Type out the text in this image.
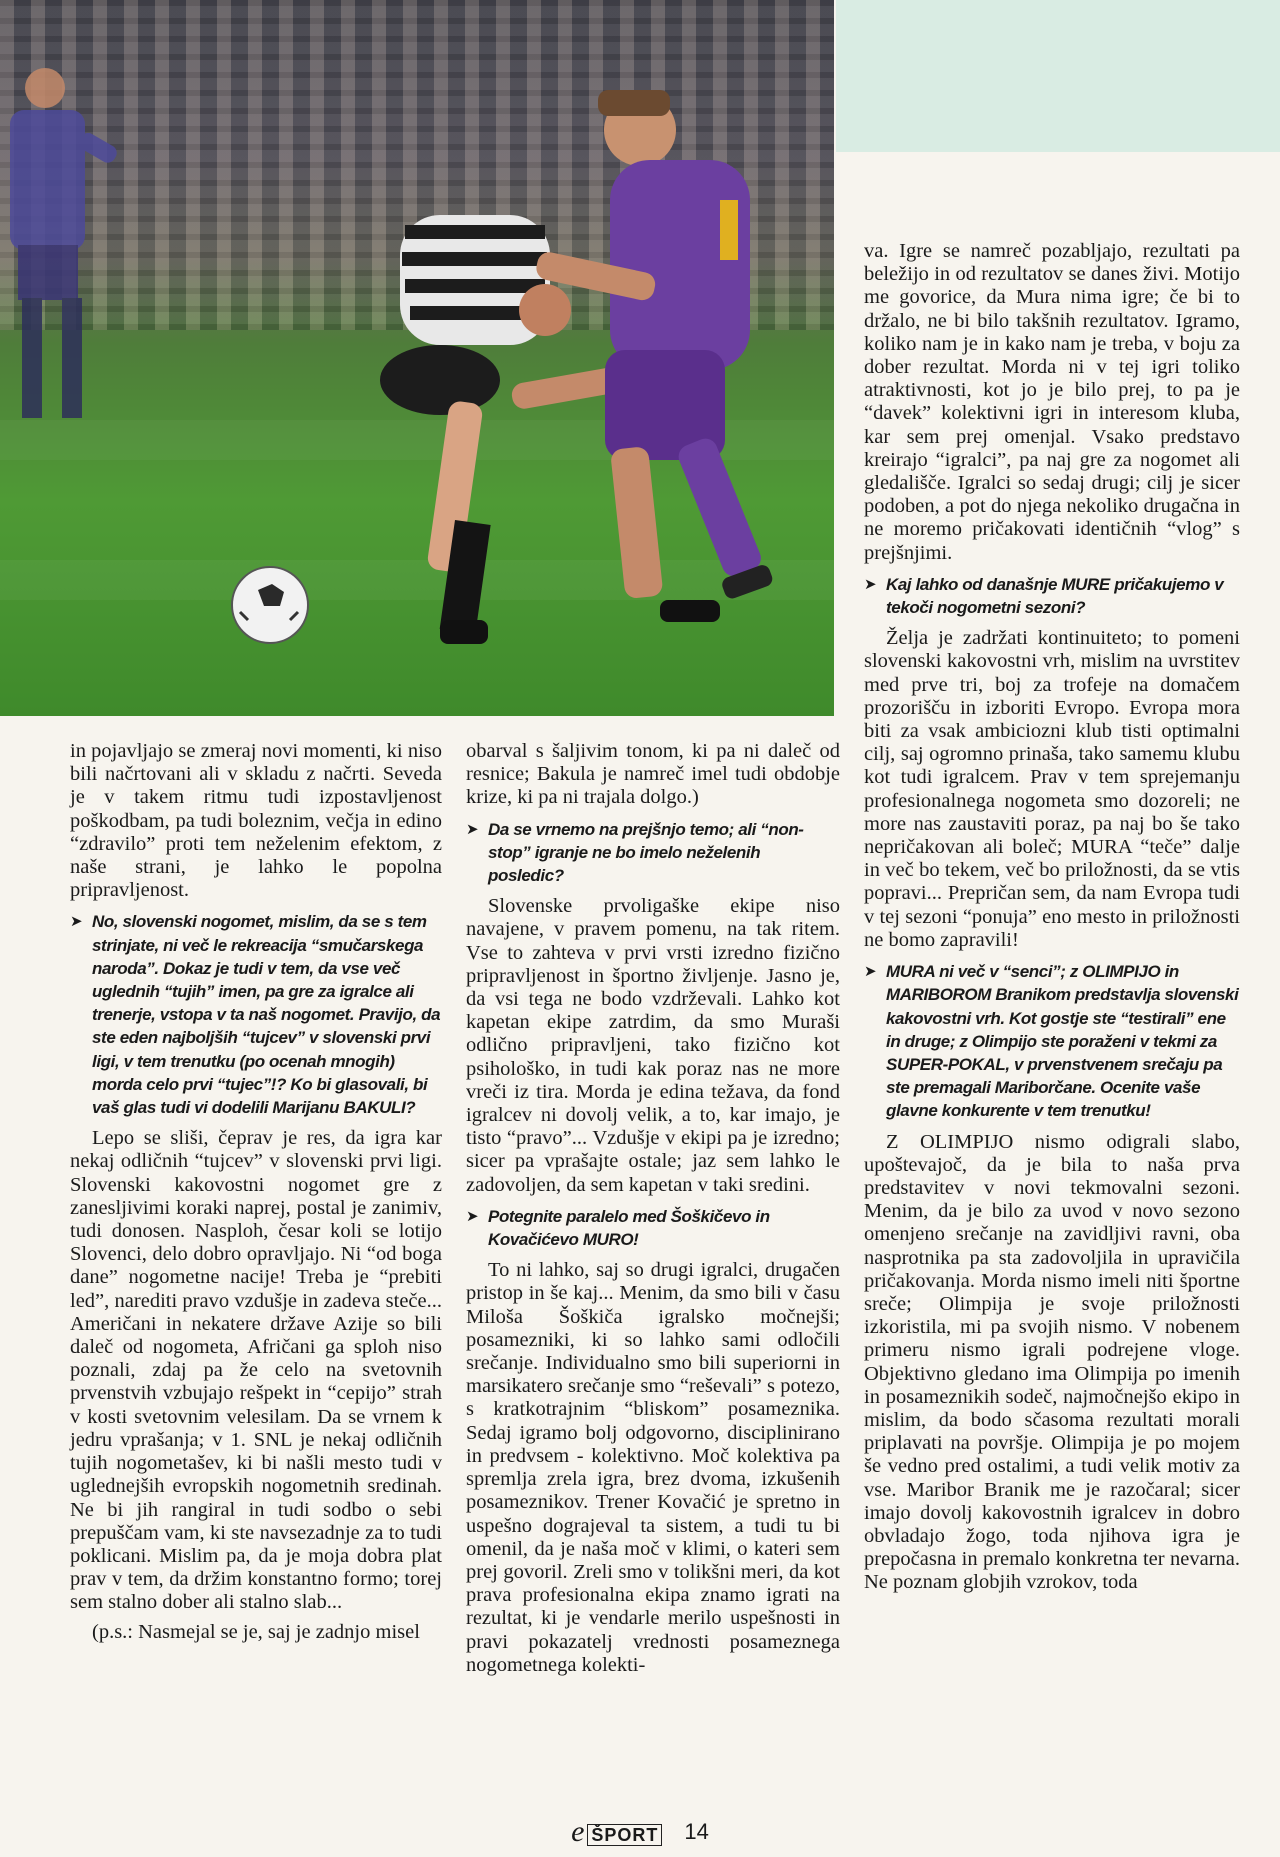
in pojavljajo se zmeraj novi momenti, ki niso bili načrtovani ali v skladu z načrti. Seveda je v takem ritmu tudi izpostavljenost poškodbam, pa tudi boleznim, večja in edino “zdravilo” proti tem neželenim efektom, z naše strani, je lahko le popolna pripravljenost.

➤ No, slovenski nogomet, mislim, da se s tem strinjate, ni več le rekreacija “smučarskega naroda”. Dokaz je tudi v tem, da vse več uglednih “tujih” imen, pa gre za igralce ali trenerje, vstopa v ta naš nogomet. Pravijo, da ste eden najboljših “tujcev” v slovenski prvi ligi, v tem trenutku (po ocenah mnogih) morda celo prvi “tujec”!? Ko bi glasovali, bi vaš glas tudi vi dodelili Marijanu BAKULI?

Lepo se sliši, čeprav je res, da igra kar nekaj odličnih “tujcev” v slovenski prvi ligi. Slovenski kakovostni nogomet gre z zanesljivimi koraki naprej, postal je zanimiv, tudi donosen. Nasploh, česar koli se lotijo Slovenci, delo dobro opravljajo. Ni “od boga dane” nogometne nacije! Treba je “prebiti led”, narediti pravo vzdušje in zadeva steče... Američani in nekatere države Azije so bili daleč od nogometa, Afričani ga sploh niso poznali, zdaj pa že celo na svetovnih prvenstvih vzbujajo rešpekt in “cepijo” strah v kosti svetovnim velesilam. Da se vrnem k jedru vprašanja; v 1. SNL je nekaj odličnih tujih nogometašev, ki bi našli mesto tudi v uglednejših evropskih nogometnih sredinah. Ne bi jih rangiral in tudi sodbo o sebi prepuščam vam, ki ste navsezadnje za to tudi poklicani. Mislim pa, da je moja dobra plat prav v tem, da držim konstantno formo; torej sem stalno dober ali stalno slab...

(p.s.: Nasmejal se je, saj je zadnjo misel

obarval s šaljivim tonom, ki pa ni daleč od resnice; Bakula je namreč imel tudi obdobje krize, ki pa ni trajala dolgo.)

➤ Da se vrnemo na prejšnjo temo; ali “non-stop” igranje ne bo imelo neželenih posledic?

Slovenske prvoligaške ekipe niso navajene, v pravem pomenu, na tak ritem. Vse to zahteva v prvi vrsti izredno fizično pripravljenost in športno življenje. Jasno je, da vsi tega ne bodo vzdrževali. Lahko kot kapetan ekipe zatrdim, da smo Muraši odlično pripravljeni, tako fizično kot psihološko, in tudi kak poraz nas ne more vreči iz tira. Morda je edina težava, da fond igralcev ni dovolj velik, a to, kar imajo, je tisto “pravo”... Vzdušje v ekipi pa je izredno; sicer pa vprašajte ostale; jaz sem lahko le zadovoljen, da sem kapetan v taki sredini.

➤ Potegnite paralelo med Šoškičevo in Kovačićevo MURO!

To ni lahko, saj so drugi igralci, drugačen pristop in še kaj... Menim, da smo bili v času Miloša Šoškiča igralsko močnejši; posamezniki, ki so lahko sami odločili srečanje. Individualno smo bili superiorni in marsikatero srečanje smo “reševali” s potezo, s kratkotrajnim “bliskom” posameznika. Sedaj igramo bolj odgovorno, disciplinirano in predvsem - kolektivno. Moč kolektiva pa spremlja zrela igra, brez dvoma, izkušenih posameznikov. Trener Kovačić je spretno in uspešno dograjeval ta sistem, a tudi tu bi omenil, da je naša moč v klimi, o kateri sem prej govoril. Zreli smo v tolikšni meri, da kot prava profesionalna ekipa znamo igrati na rezultat, ki je vendarle merilo uspešnosti in pravi pokazatelj vrednosti posameznega nogometnega kolekti-

va. Igre se namreč pozabljajo, rezultati pa beležijo in od rezultatov se danes živi. Motijo me govorice, da Mura nima igre; če bi to držalo, ne bi bilo takšnih rezultatov. Igramo, koliko nam je in kako nam je treba, v boju za dober rezultat. Morda ni v tej igri toliko atraktivnosti, kot jo je bilo prej, to pa je “davek” kolektivni igri in interesom kluba, kar sem prej omenjal. Vsako predstavo kreirajo “igralci”, pa naj gre za nogomet ali gledališče. Igralci so sedaj drugi; cilj je sicer podoben, a pot do njega nekoliko drugačna in ne moremo pričakovati identičnih “vlog” s prejšnjimi.

➤ Kaj lahko od današnje MURE pričakujemo v tekoči nogometni sezoni?

Želja je zadržati kontinuiteto; to pomeni slovenski kakovostni vrh, mislim na uvrstitev med prve tri, boj za trofeje na domačem prozorišču in izboriti Evropo. Evropa mora biti za vsak ambiciozni klub tisti optimalni cilj, saj ogromno prinaša, tako samemu klubu kot tudi igralcem. Prav v tem sprejemanju profesionalnega nogometa smo dozoreli; ne more nas zaustaviti poraz, pa naj bo še tako nepričakovan ali boleč; MURA “teče” dalje in več bo tekem, več bo priložnosti, da se vtis popravi... Prepričan sem, da nam Evropa tudi v tej sezoni “ponuja” eno mesto in priložnosti ne bomo zapravili!

➤ MURA ni več v “senci”; z OLIMPIJO in MARIBOROM Branikom predstavlja slovenski kakovostni vrh. Kot gostje ste “testirali” ene in druge; z Olimpijo ste poraženi v tekmi za SUPER-POKAL, v prvenstvenem srečaju pa ste premagali Mariborčane. Ocenite vaše glavne konkurente v tem trenutku!

Z OLIMPIJO nismo odigrali slabo, upoštevajoč, da je bila to naša prva predstavitev v novi tekmovalni sezoni. Menim, da je bilo za uvod v novo sezono omenjeno srečanje na zavidljivi ravni, oba nasprotnika pa sta zadovoljila in upravičila pričakovanja. Morda nismo imeli niti športne sreče; Olimpija je svoje priložnosti izkoristila, mi pa svojih nismo. V nobenem primeru nismo igrali podrejene vloge. Objektivno gledano ima Olimpija po imenih in posameznikih sodeč, najmočnejšo ekipo in mislim, da bodo sčasoma rezultati morali priplavati na površje. Olimpija je po mojem še vedno pred ostalimi, a tudi velik motiv za vse. Maribor Branik me je razočaral; sicer imajo dovolj kakovostnih igralcev in dobro obvladajo žogo, toda njihova igra je prepočasna in premalo konkretna ter nevarna. Ne poznam globjih vzrokov, toda

e ŠPORT 14
